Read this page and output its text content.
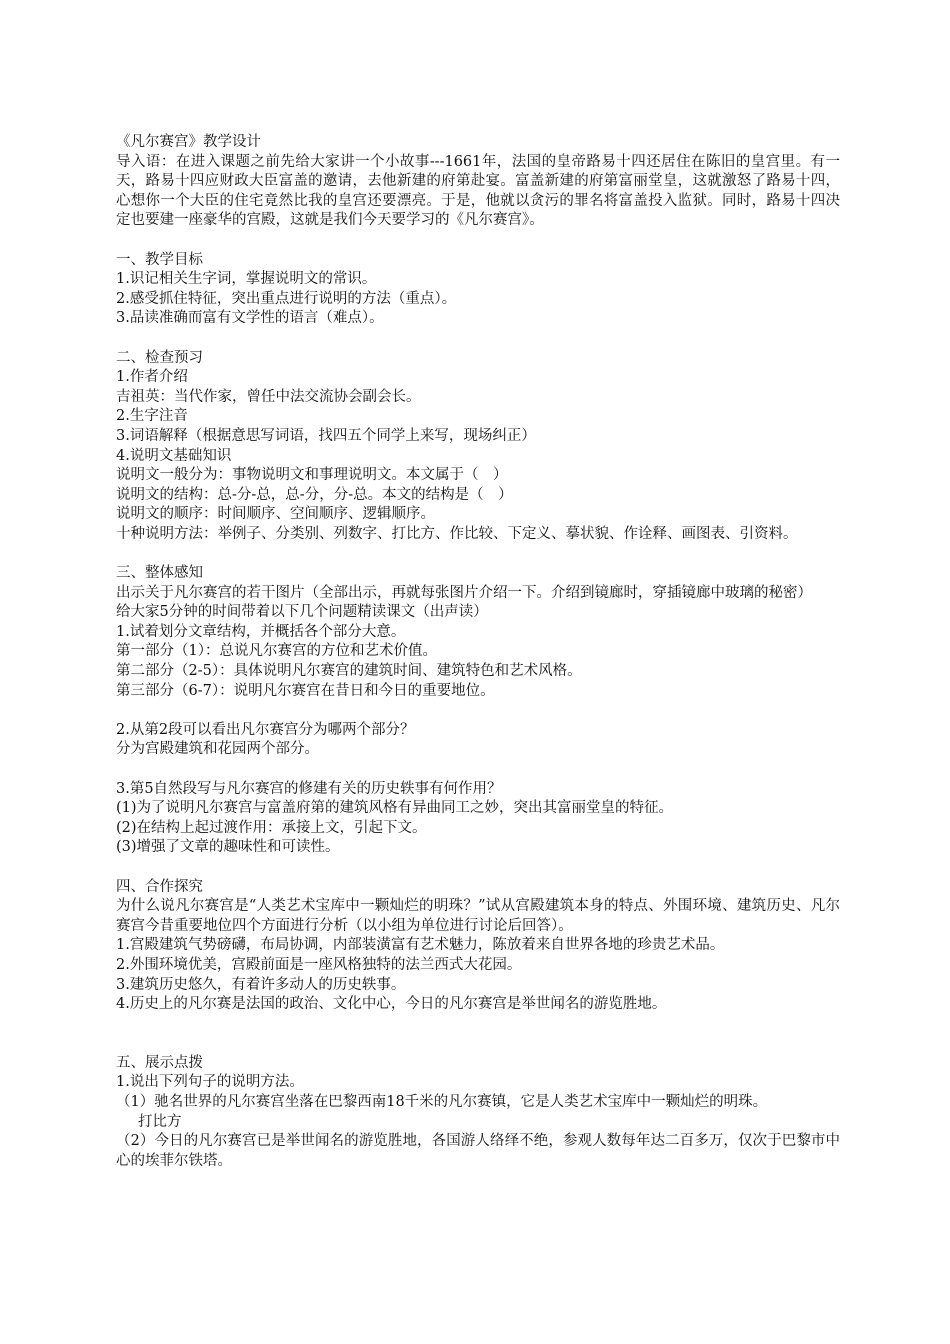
《凡尔赛宫》教学设计

导入语：在进入课题之前先给大家讲一个小故事---1661年，法国的皇帝路易十四还居住在陈旧的皇宫里。有一天，路易十四应财政大臣富盖的邀请，去他新建的府第赴宴。富盖新建的府第富丽堂皇，这就激怒了路易十四，心想你一个大臣的住宅竟然比我的皇宫还要漂亮。于是，他就以贪污的罪名将富盖投入监狱。同时，路易十四决定也要建一座豪华的宫殿，这就是我们今天要学习的《凡尔赛宫》。

一、教学目标

1.识记相关生字词，掌握说明文的常识。

2.感受抓住特征，突出重点进行说明的方法（重点）。

3.品读准确而富有文学性的语言（难点）。

二、检查预习

1.作者介绍

吉祖英：当代作家，曾任中法交流协会副会长。

2.生字注音

3.词语解释（根据意思写词语，找四五个同学上来写，现场纠正）

4.说明文基础知识

说明文一般分为：事物说明文和事理说明文。本文属于（　）

说明文的结构：总-分-总，总-分，分-总。本文的结构是（　）

说明文的顺序：时间顺序、空间顺序、逻辑顺序。

十种说明方法：举例子、分类别、列数字、打比方、作比较、下定义、摹状貌、作诠释、画图表、引资料。

三、整体感知

出示关于凡尔赛宫的若干图片（全部出示，再就每张图片介绍一下。介绍到镜廊时，穿插镜廊中玻璃的秘密）

给大家5分钟的时间带着以下几个问题精读课文（出声读）

1.试着划分文章结构，并概括各个部分大意。

第一部分（1）：总说凡尔赛宫的方位和艺术价值。

第二部分（2-5）：具体说明凡尔赛宫的建筑时间、建筑特色和艺术风格。

第三部分（6-7）：说明凡尔赛宫在昔日和今日的重要地位。

2.从第2段可以看出凡尔赛宫分为哪两个部分？

分为宫殿建筑和花园两个部分。

3.第5自然段写与凡尔赛宫的修建有关的历史轶事有何作用？

(1)为了说明凡尔赛宫与富盖府第的建筑风格有异曲同工之妙，突出其富丽堂皇的特征。

(2)在结构上起过渡作用：承接上文，引起下文。

(3)增强了文章的趣味性和可读性。

四、合作探究

为什么说凡尔赛宫是“人类艺术宝库中一颗灿烂的明珠？”试从宫殿建筑本身的特点、外围环境、建筑历史、凡尔赛宫今昔重要地位四个方面进行分析（以小组为单位进行讨论后回答）。

1.宫殿建筑气势磅礴，布局协调，内部装潢富有艺术魅力，陈放着来自世界各地的珍贵艺术品。

2.外围环境优美，宫殿前面是一座风格独特的法兰西式大花园。

3.建筑历史悠久，有着许多动人的历史轶事。

4.历史上的凡尔赛是法国的政治、文化中心，今日的凡尔赛宫是举世闻名的游览胜地。

五、展示点拨

1.说出下列句子的说明方法。

（1）驰名世界的凡尔赛宫坐落在巴黎西南18千米的凡尔赛镇，它是人类艺术宝库中一颗灿烂的明珠。

打比方

（2）今日的凡尔赛宫已是举世闻名的游览胜地，各国游人络绎不绝，参观人数每年达二百多万，仅次于巴黎市中心的埃菲尔铁塔。
